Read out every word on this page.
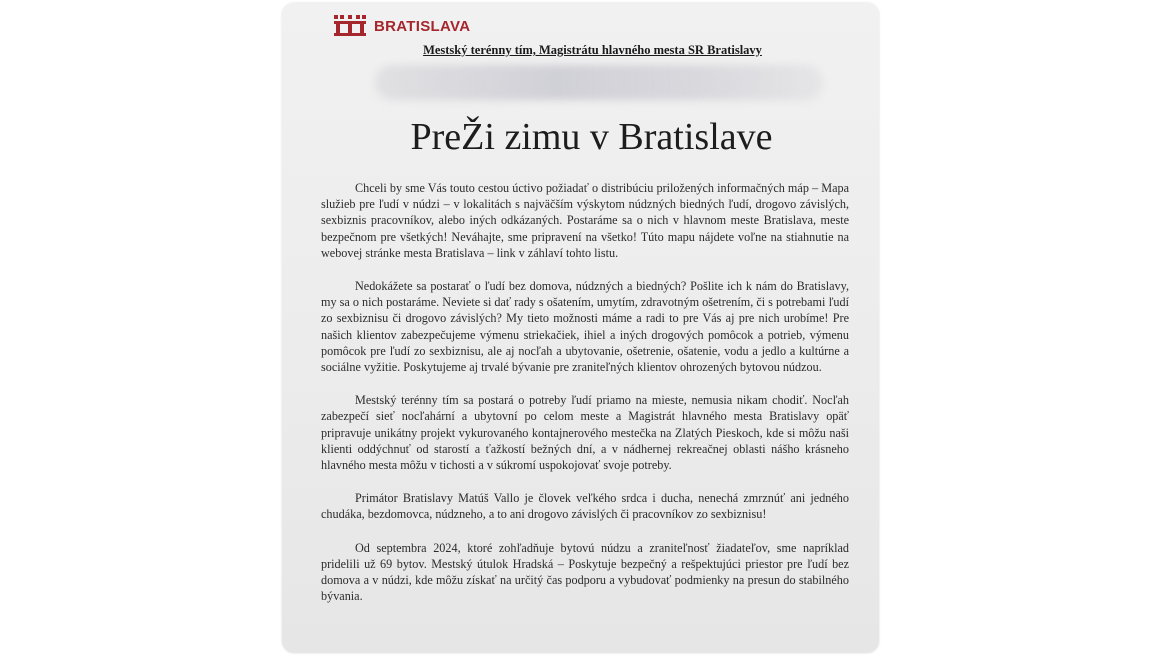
BRATISLAVA
Mestský terénny tím, Magistrátu hlavného mesta SR Bratislavy
PreŽi zimu v Bratislave

Chceli by sme Vás touto cestou úctivo požiadať o distribúciu priložených informačných máp – Mapa služieb pre ľudí v núdzi – v lokalitách s najväčším výskytom núdzných biedných ľudí, drogovo závislých, sexbiznis pracovníkov, alebo iných odkázaných. Postaráme sa o nich v hlavnom meste Bratislava, meste bezpečnom pre všetkých! Neváhajte, sme pripravení na všetko! Túto mapu nájdete voľne na stiahnutie na webovej stránke mesta Bratislava – link v záhlaví tohto listu.

Nedokážete sa postarať o ľudí bez domova, núdzných a biedných? Pošlite ich k nám do Bratislavy, my sa o nich postaráme. Neviete si dať rady s ošatením, umytím, zdravotným ošetrením, či s potrebami ľudí zo sexbiznisu či drogovo závislých? My tieto možnosti máme a radi to pre Vás aj pre nich urobíme! Pre našich klientov zabezpečujeme výmenu striekačiek, ihiel a iných drogových pomôcok a potrieb, výmenu pomôcok pre ľudí zo sexbiznisu, ale aj nocľah a ubytovanie, ošetrenie, ošatenie, vodu a jedlo a kultúrne a sociálne vyžitie. Poskytujeme aj trvalé bývanie pre zraniteľných klientov ohrozených bytovou núdzou.

Mestský terénny tím sa postará o potreby ľudí priamo na mieste, nemusia nikam chodiť. Nocľah zabezpečí sieť nocľahární a ubytovní po celom meste a Magistrát hlavného mesta Bratislavy opäť pripravuje unikátny projekt vykurovaného kontajnerového mestečka na Zlatých Pieskoch, kde si môžu naši klienti oddýchnuť od starostí a ťažkostí bežných dní, a v nádhernej rekreačnej oblasti nášho krásneho hlavného mesta môžu v tichosti a v súkromí uspokojovať svoje potreby.

Primátor Bratislavy Matúš Vallo je človek veľkého srdca i ducha, nenechá zmrznúť ani jedného chudáka, bezdomovca, núdzneho, a to ani drogovo závislých či pracovníkov zo sexbiznisu!

Od septembra 2024, ktoré zohľadňuje bytovú núdzu a zraniteľnosť žiadateľov, sme napríklad pridelili už 69 bytov. Mestský útulok Hradská – Poskytuje bezpečný a rešpektujúci priestor pre ľudí bez domova a v núdzi, kde môžu získať na určitý čas podporu a vybudovať podmienky na presun do stabilného bývania.
